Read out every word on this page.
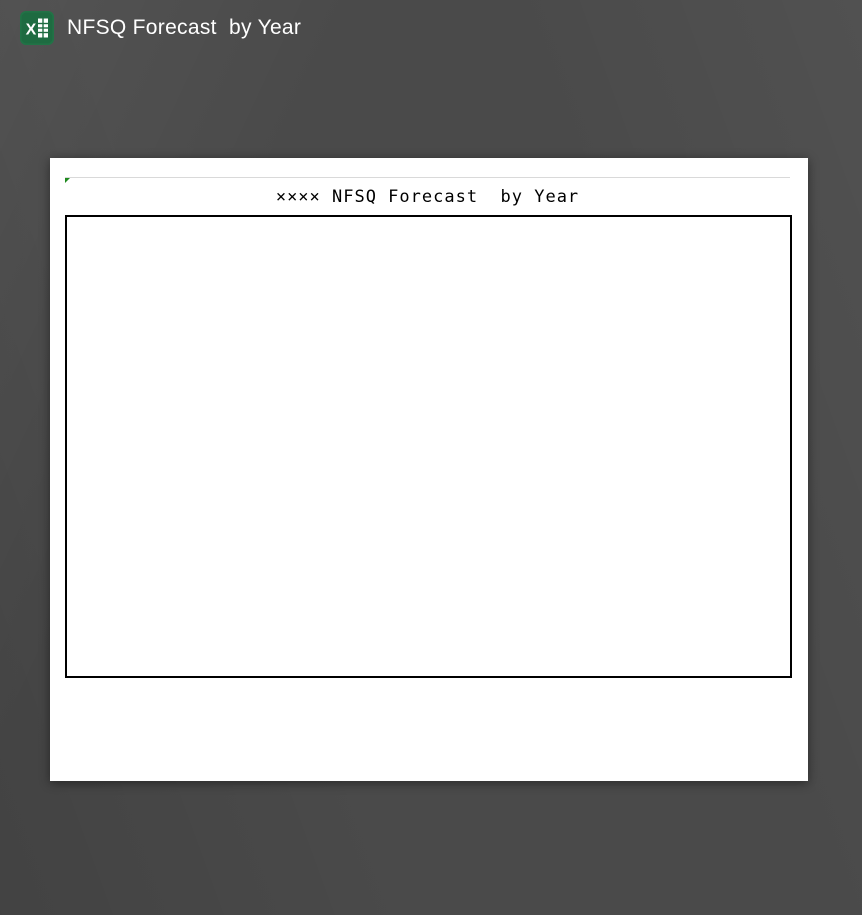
X NFSQ Forecast  by Year
×××× NFSQ Forecast  by Year
